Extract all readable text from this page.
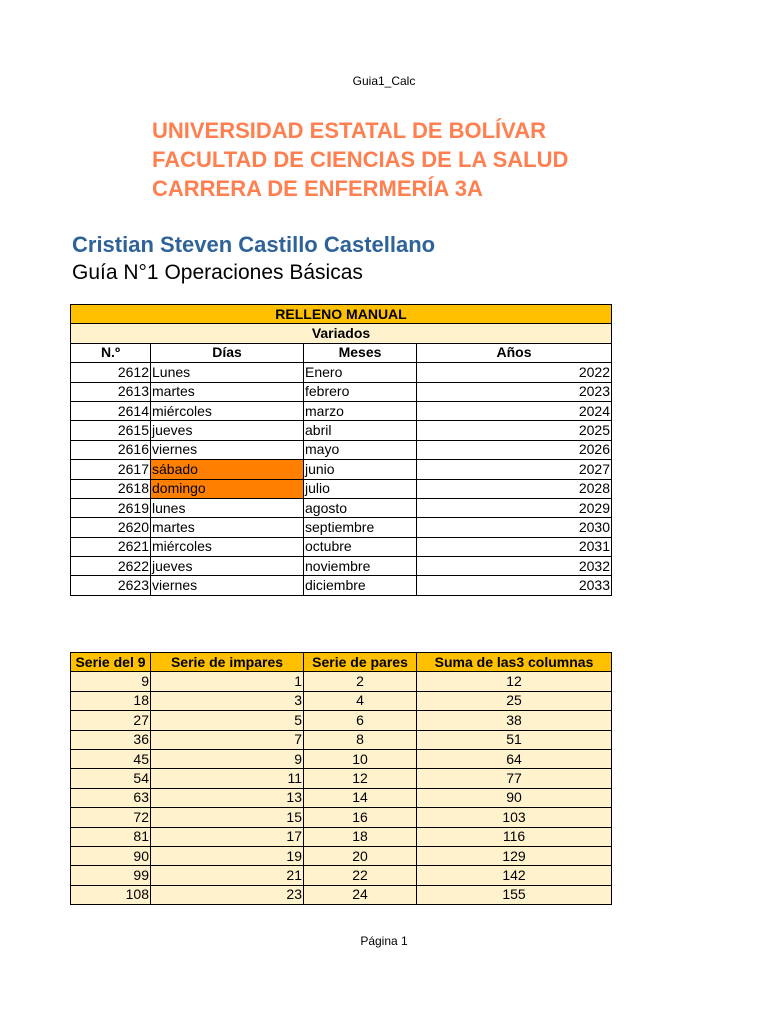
Guia1_Calc
UNIVERSIDAD ESTATAL DE BOLÍVAR
FACULTAD DE CIENCIAS DE LA SALUD
CARRERA DE ENFERMERÍA 3A
Cristian Steven Castillo Castellano
Guía N°1 Operaciones Básicas
RELLENO MANUAL			
Variados			
N.º	Días	Meses	Años
2612	Lunes	Enero	2022
2613	martes	febrero	2023
2614	miércoles	marzo	2024
2615	jueves	abril	2025
2616	viernes	mayo	2026
2617	sábado	junio	2027
2618	domingo	julio	2028
2619	lunes	agosto	2029
2620	martes	septiembre	2030
2621	miércoles	octubre	2031
2622	jueves	noviembre	2032
2623	viernes	diciembre	2033
Serie del 9	Serie de impares	Serie de pares	Suma de las3 columnas
9	1	2	12
18	3	4	25
27	5	6	38
36	7	8	51
45	9	10	64
54	11	12	77
63	13	14	90
72	15	16	103
81	17	18	116
90	19	20	129
99	21	22	142
108	23	24	155
Página 1
